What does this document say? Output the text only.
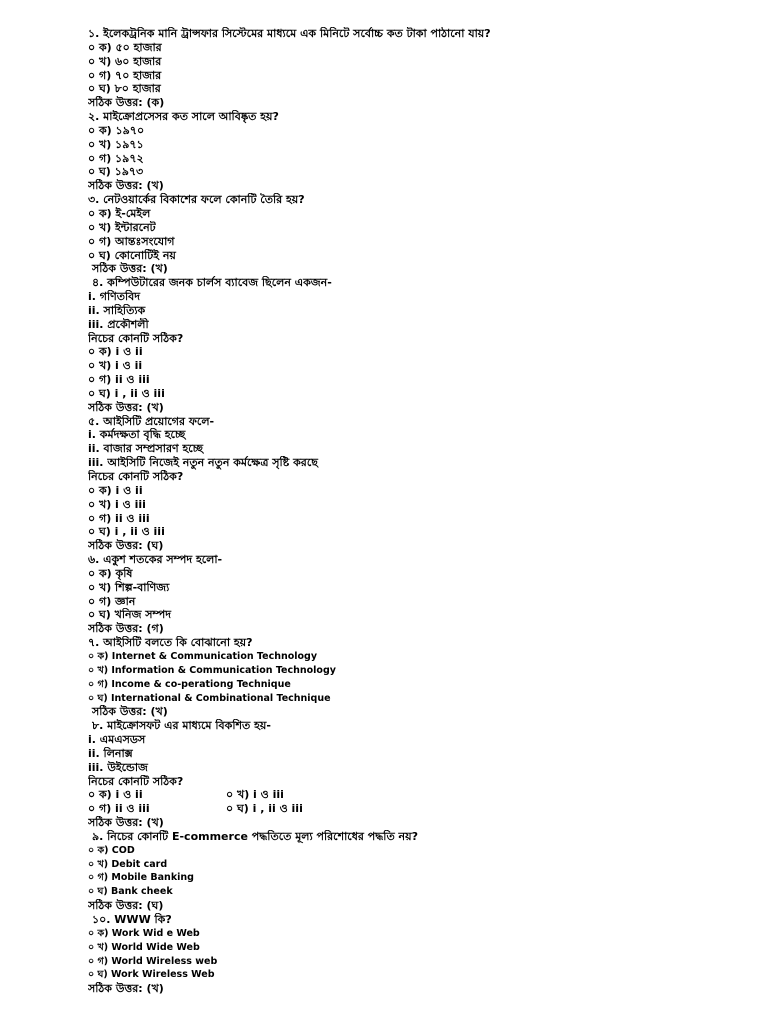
১. ইলেকট্রনিক মানি ট্রান্সফার সিস্টেমের মাধ্যমে এক মিনিটে সর্বোচ্চ কত টাকা পাঠানো যায়?
০ ক) ৫০ হাজার
০ খ) ৬০ হাজার
০ গ) ৭০ হাজার
০ ঘ) ৮০ হাজার
সঠিক উত্তর: (ক)
২. মাইক্রোপ্রসেসর কত সালে আবিষ্কৃত হয়?
০ ক) ১৯৭০
০ খ) ১৯৭১
০ গ) ১৯৭২
০ ঘ) ১৯৭৩
সঠিক উত্তর: (খ)
৩. নেটওয়ার্কের বিকাশের ফলে কোনটি তৈরি হয়?
০ ক) ই-মেইল
০ খ) ইন্টারনেট
০ গ) আন্তঃসংযোগ
০ ঘ) কোনোটিই নয়
সঠিক উত্তর: (খ)
৪. কম্পিউটারের জনক চার্লস ব্যাবেজ ছিলেন একজন-
i. গণিতবিদ
ii. সাহিত্যিক
iii. প্রকৌশলী
নিচের কোনটি সঠিক?
০ ক) i ও ii
০ খ) i ও ii
০ গ) ii ও iii
০ ঘ) i , ii ও iii
সঠিক উত্তর: (খ)
৫. আইসিটি প্রয়োগের ফলে-
i. কর্মদক্ষতা বৃদ্ধি হচ্ছে
ii. বাজার সম্প্রসারণ হচ্ছে
iii. আইসিটি নিজেই নতুন নতুন কর্মক্ষেত্র সৃষ্টি করছে
নিচের কোনটি সঠিক?
০ ক) i ও ii
০ খ) i ও iii
০ গ) ii ও iii
০ ঘ) i , ii ও iii
সঠিক উত্তর: (ঘ)
৬. একুশ শতকের সম্পদ হলো-
০ ক) কৃষি
০ খ) শিল্প-বাণিজ্য
০ গ) জ্ঞান
০ ঘ) খনিজ সম্পদ
সঠিক উত্তর: (গ)
৭. আইসিটি বলতে কি বোঝানো হয়?
০ ক) Internet & Communication Technology
০ খ) Information & Communication Technology
০ গ) Income & co-perationg Technique
০ ঘ) International & Combinational Technique
সঠিক উত্তর: (খ)
৮. মাইক্রোসফট এর মাধ্যমে বিকশিত হয়-
i. এমএসডস
ii. লিনাক্স
iii. উইন্ডোজ
নিচের কোনটি সঠিক?
০ ক) i ও ii	০ খ) i ও iii
০ গ) ii ও iii	০ ঘ) i , ii ও iii
সঠিক উত্তর: (খ)
৯. নিচের কোনটি E-commerce পদ্ধতিতে মূল্য পরিশোধের পদ্ধতি নয়?
০ ক) COD
০ খ) Debit card
০ গ) Mobile Banking
০ ঘ) Bank cheek
সঠিক উত্তর: (ঘ)
১০. WWW কি?
০ ক) Work Wid e Web
০ খ) World Wide Web
০ গ) World Wireless web
০ ঘ) Work Wireless Web
সঠিক উত্তর: (খ)
